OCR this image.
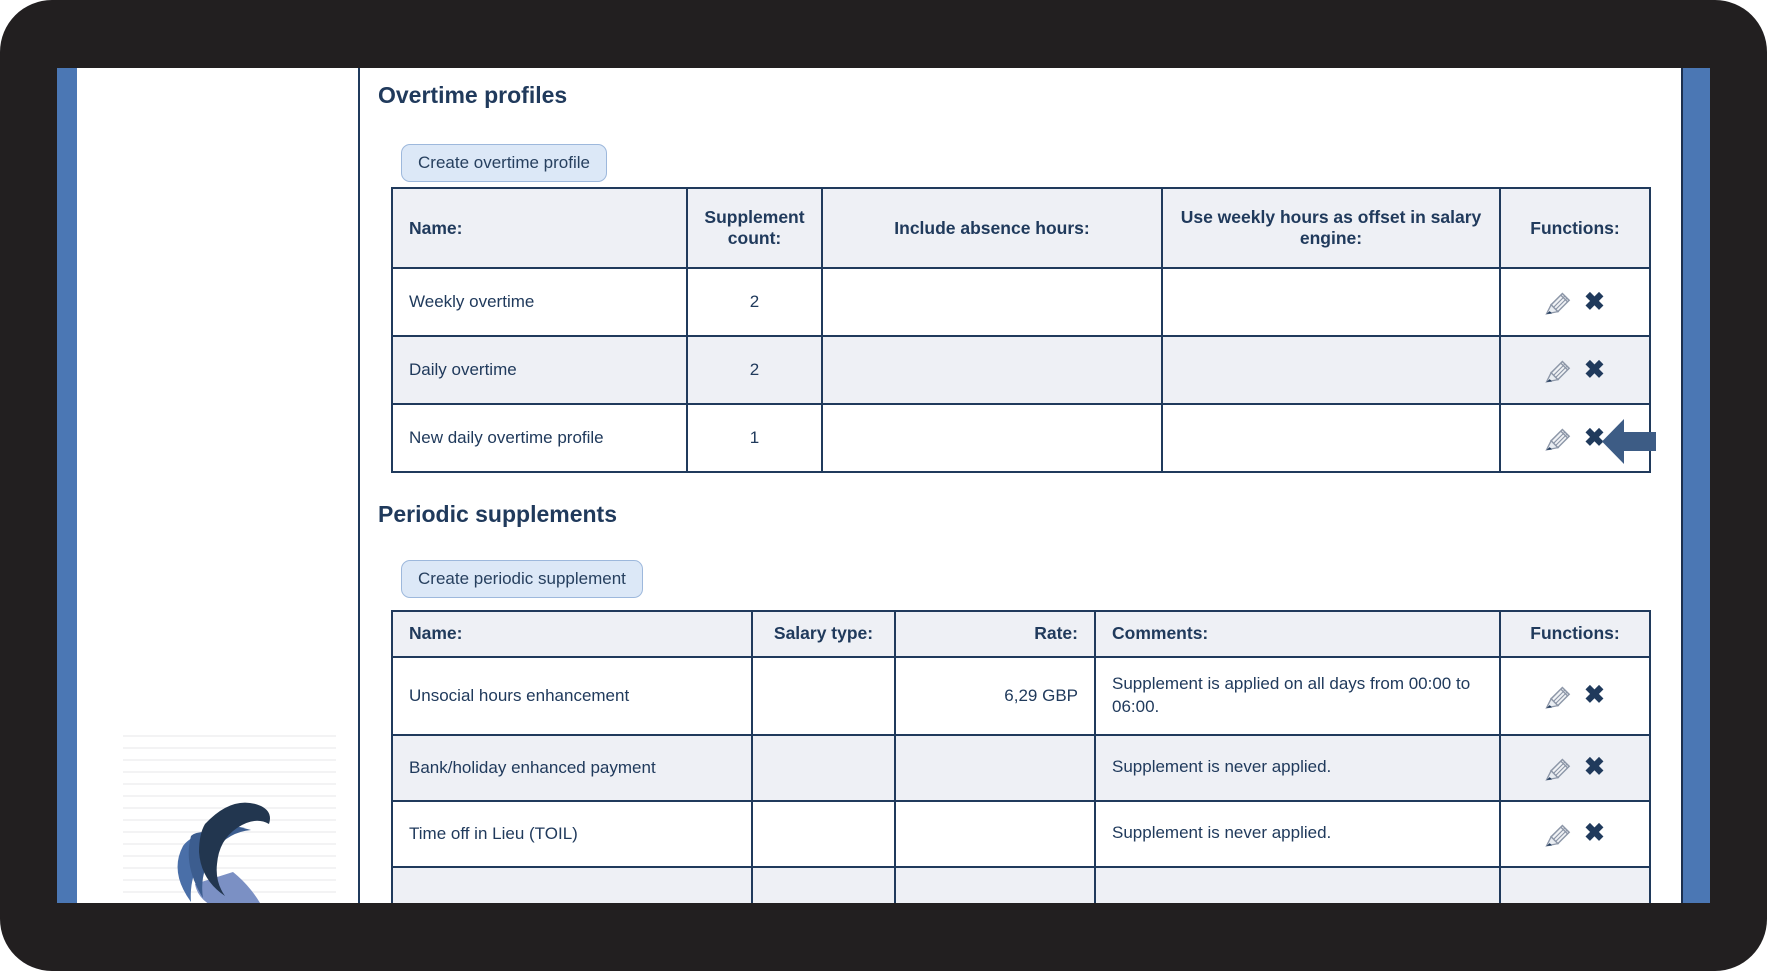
Overtime profiles
Create overtime profile
Name:	Supplement count:	Include absence hours:	Use weekly hours as offset in salary engine:	Functions:
Weekly overtime	2			✖

Daily overtime	2			✖

New daily overtime profile	1			✖
Periodic supplements
Create periodic supplement
Name:	Salary type:	Rate:	Comments:	Functions:
Unsocial hours enhancement		6,29 GBP	Supplement is applied on all days from 00:00 to 06:00.	✖

Bank/holiday enhanced payment			Supplement is never applied.	✖

Time off in Lieu (TOIL)			Supplement is never applied.	✖
